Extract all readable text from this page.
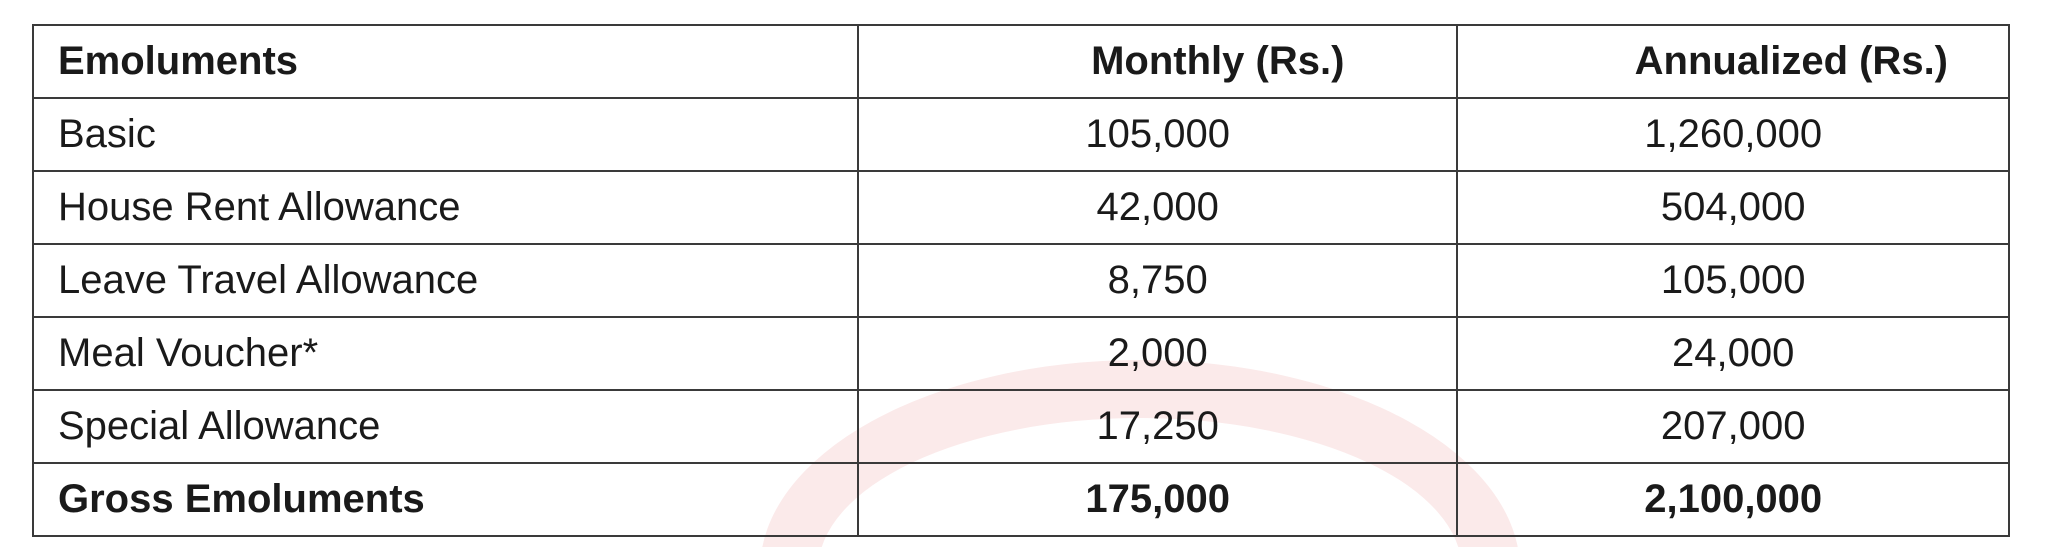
Emoluments	Monthly (Rs.)	Annualized (Rs.)
Basic	105,000	1,260,000
House Rent Allowance	42,000	504,000
Leave Travel Allowance	8,750	105,000
Meal Voucher*	2,000	24,000
Special Allowance	17,250	207,000
Gross Emoluments	175,000	2,100,000
